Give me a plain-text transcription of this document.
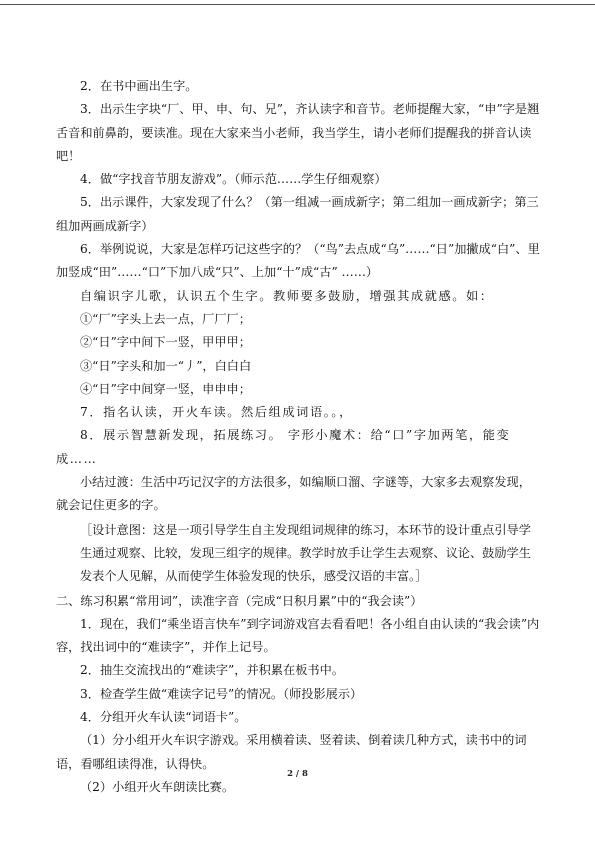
2．在书中画出生字。

3．出示生字块“厂、甲、申、句、兄”，齐认读字和音节。老师提醒大家，“申”字是翘舌音和前鼻韵，要读准。现在大家来当小老师，我当学生，请小老师们提醒我的拼音认读吧！

4．做“字找音节朋友游戏”。（师示范……学生仔细观察）

5．出示课件，大家发现了什么？（第一组减一画成新字；第二组加一画成新字；第三组加两画成新字）

6．举例说说，大家是怎样巧记这些字的？（“鸟”去点成“乌”……“日”加撇成“白”、里加竖成“田”……“口”下加八成“只”、上加“十”成“古” ……）

自编识字儿歌，认识五个生字。教师要多鼓励，增强其成就感。如：

①“厂”字头上去一点，厂厂厂；

②“日”字中间下一竖，甲甲甲；

③“日”字头和加一“丿”，白白白

④“日”字中间穿一竖，申申申；

7．指名认读，开火车读。然后组成词语。。，

8．展示智慧新发现，拓展练习。 字形小魔术：给“口”字加两笔，能变成……

小结过渡：生活中巧记汉字的方法很多，如编顺口溜、字谜等，大家多去观察发现，就会记住更多的字。

［设计意图：这是一项引导学生自主发现组词规律的练习，本环节的设计重点引导学生通过观察、比较，发现三组字的规律。教学时放手让学生去观察、议论、鼓励学生发表个人见解，从而使学生体验发现的快乐，感受汉语的丰富。］

二、练习积累“常用词”，读准字音（完成“日积月累”中的“我会读”）

1．现在，我们“乘坐语言快车”到字词游戏宫去看看吧！各小组自由认读的“我会读”内容，找出词中的“难读字”，并作上记号。

2．抽生交流找出的“难读字”，并积累在板书中。

3．检查学生做“难读字记号”的情况。（师投影展示）

4．分组开火车认读“词语卡”。

（1）分小组开火车识字游戏。采用横着读、竖着读、倒着读几种方式，读书中的词语，看哪组读得准，认得快。

（2）小组开火车朗读比赛。

2 / 8
